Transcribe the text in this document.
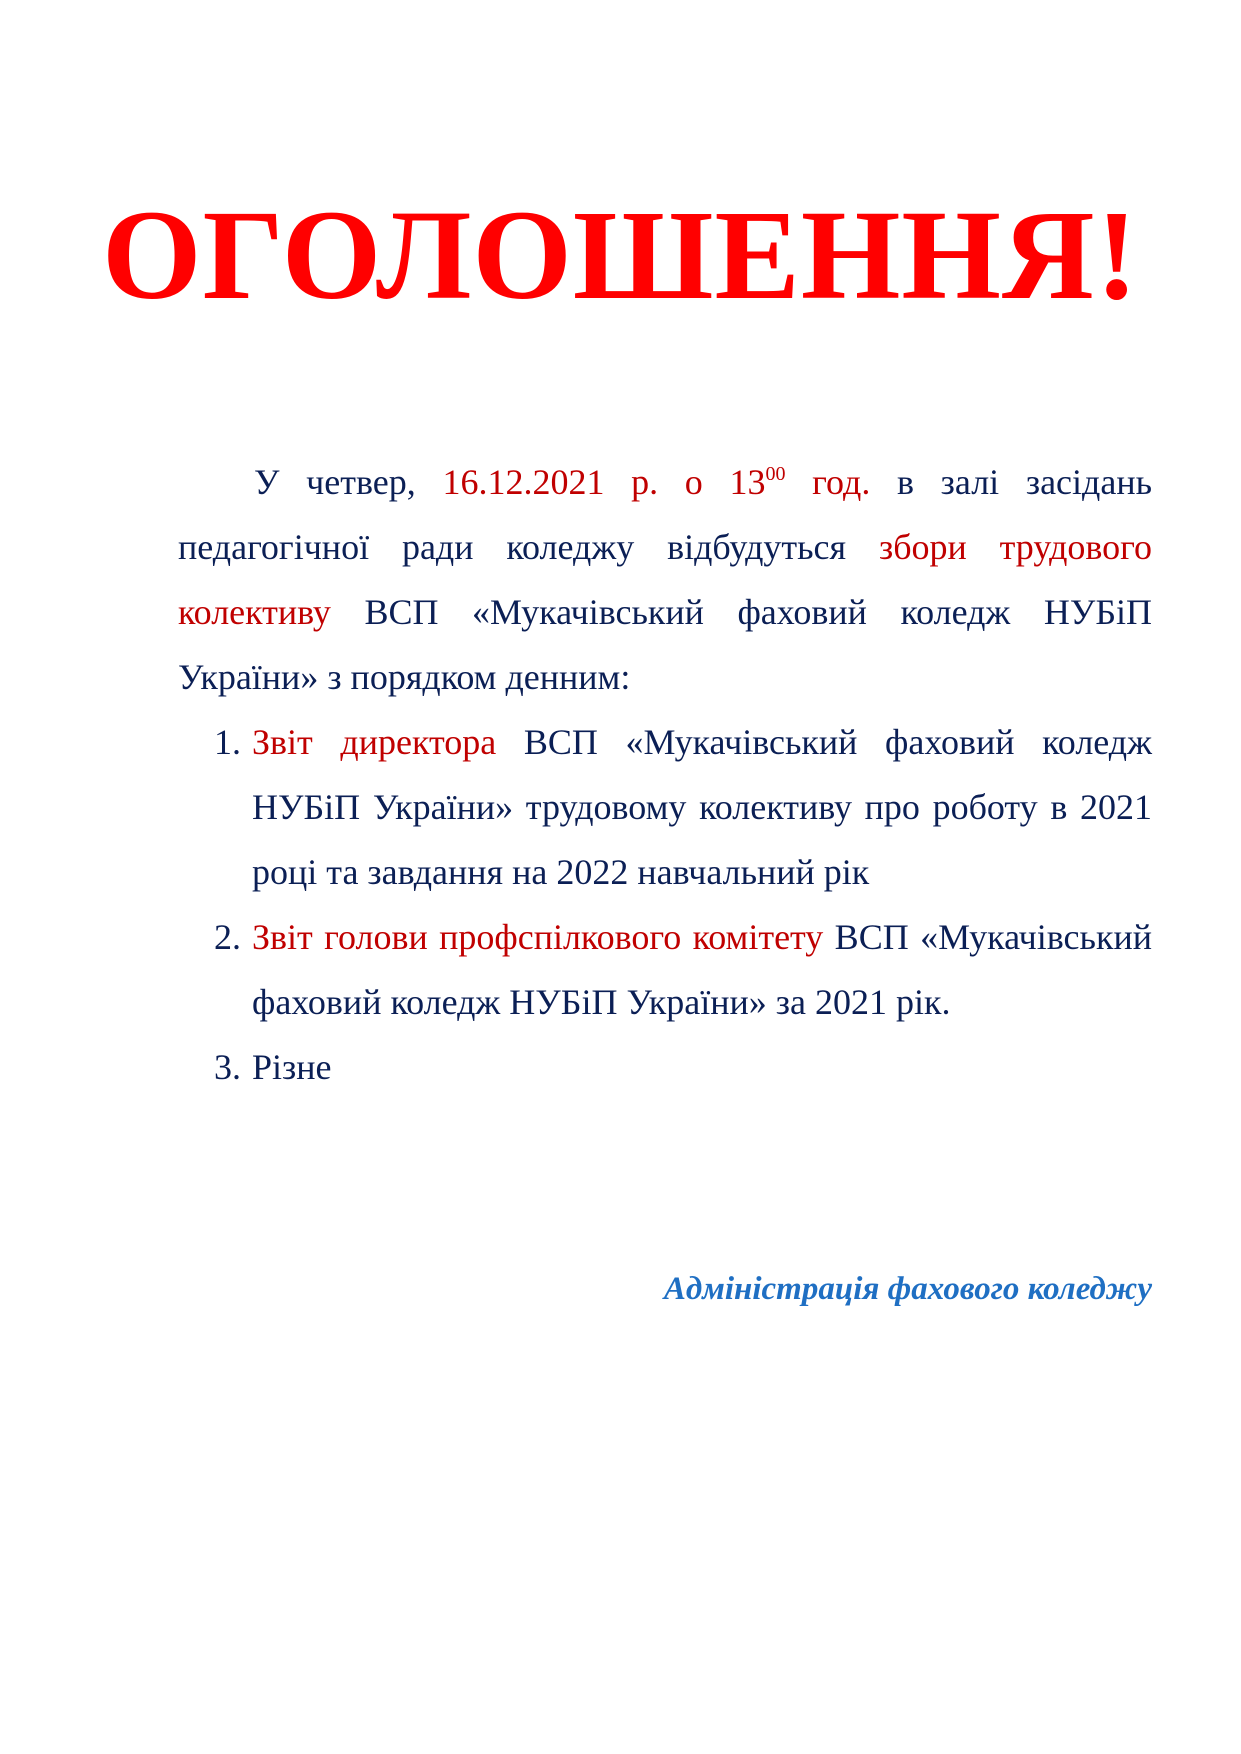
ОГОЛОШЕННЯ!

У четвер, 16.12.2021 р. о $13^{00}$ год. в залі засідань педагогічної ради коледжу відбудуться збори трудового колективу ВСП «Мукачівський фаховий коледж НУБіП України» з порядком денним:

1. Звіт директора ВСП «Мукачівський фаховий коледж НУБіП України» трудовому колективу про роботу в 2021 році та завдання на 2022 навчальний рік
2. Звіт голови профспілкового комітету ВСП «Мукачівський фаховий коледж НУБіП України» за 2021 рік.
3. Різне

Адміністрація фахового коледжу
